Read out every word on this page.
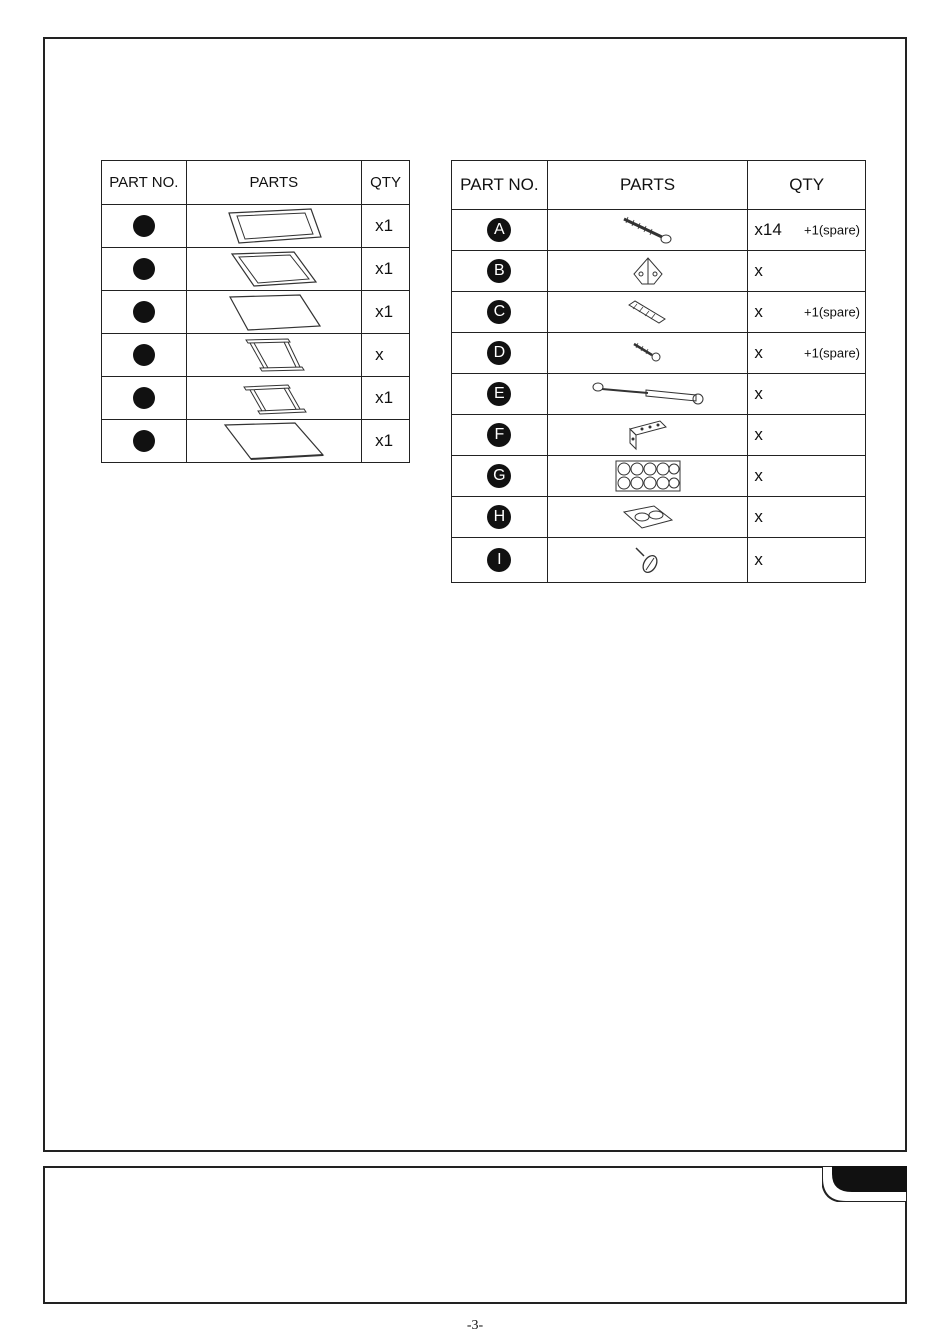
PART NO.	PARTS	QTY

	x1

	x1

	x1

	x

	x1

	x1
PART NO.	PARTS	QTY
A		x14 +1(spare)

B		x

C		x +1(spare)

D		x +1(spare)

E		x

F		x

G		x

H		x

I		x
-3-
